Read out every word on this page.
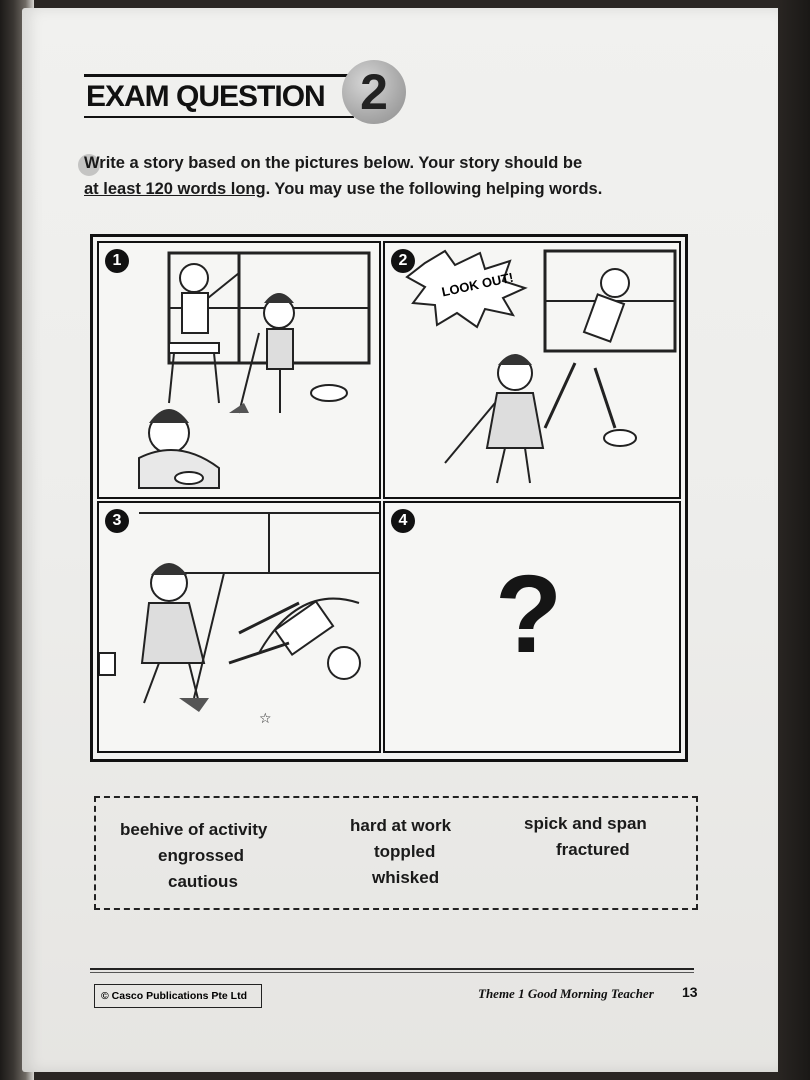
EXAM QUESTION 2
Write a story based on the pictures below. Your story should be
at least 120 words long. You may use the following helping words.
1	2
LOOK OUT!
☆
3	4
?
beehive of activity
engrossed
cautious
hard at work
toppled
whisked
spick and span
fractured
© Casco Publications Pte Ltd	Theme 1 Good Morning Teacher 13
